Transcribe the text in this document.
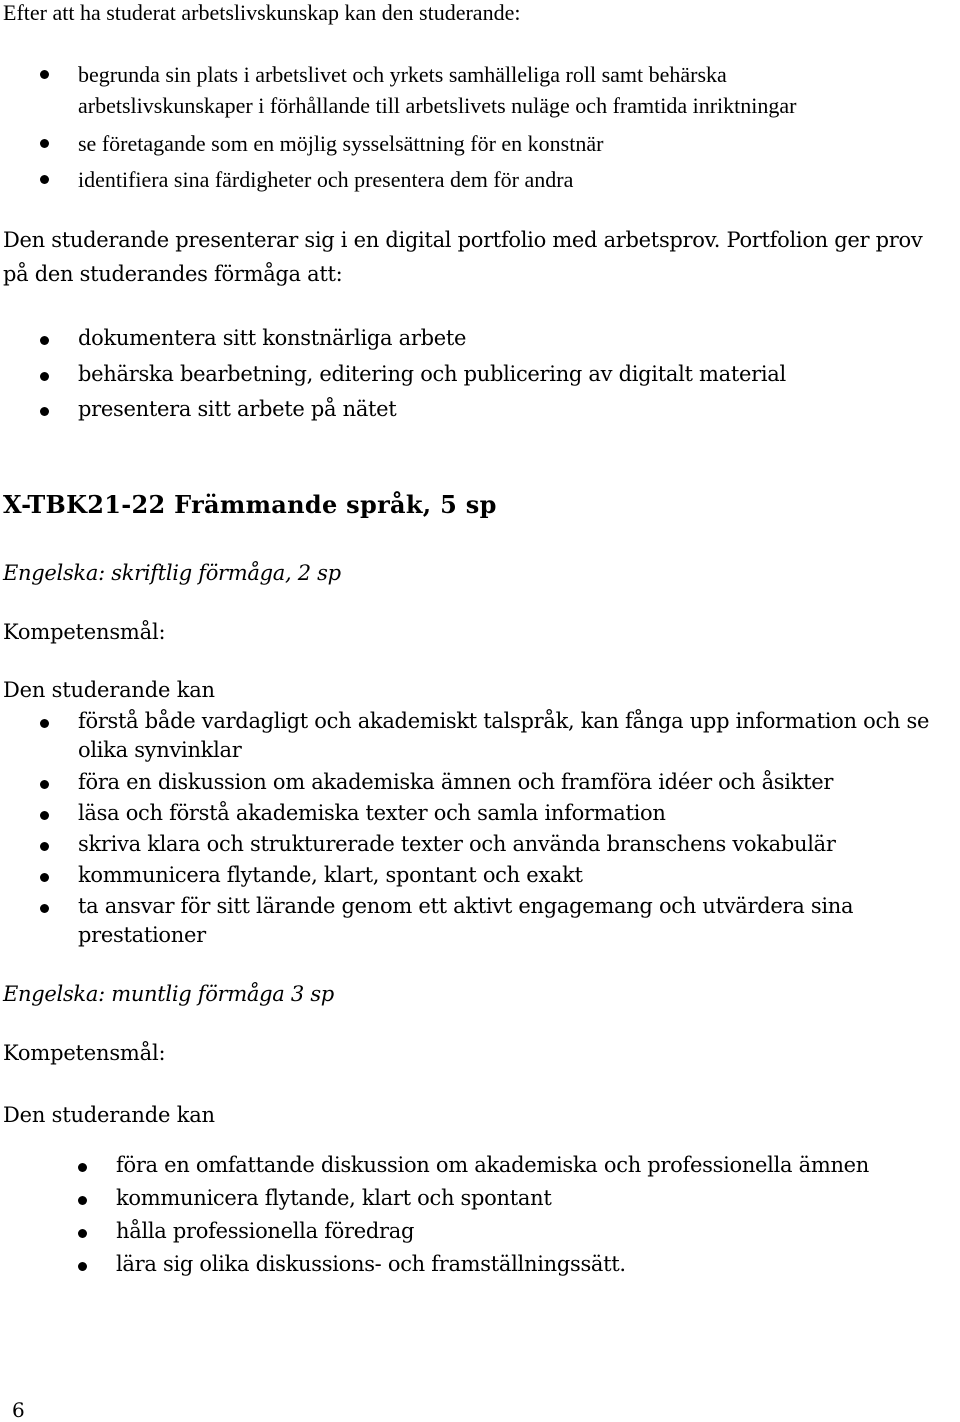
Efter att ha studerat arbetslivskunskap kan den studerande:

begrunda sin plats i arbetslivet och yrkets samhälleliga roll samt behärska

arbetslivskunskaper i förhållande till arbetslivets nuläge och framtida inriktningar

se företagande som en möjlig sysselsättning för en konstnär

identifiera sina färdigheter och presentera dem för andra

Den studerande presenterar sig i en digital portfolio med arbetsprov. Portfolion ger prov

på den studerandes förmåga att:

dokumentera sitt konstnärliga arbete

behärska bearbetning, editering och publicering av digitalt material

presentera sitt arbete på nätet

X-TBK21-22 Främmande språk, 5 sp

Engelska: skriftlig förmåga, 2 sp

Kompetensmål:

Den studerande kan

förstå både vardagligt och akademiskt talspråk, kan fånga upp information och se

olika synvinklar

föra en diskussion om akademiska ämnen och framföra idéer och åsikter

läsa och förstå akademiska texter och samla information

skriva klara och strukturerade texter och använda branschens vokabulär

kommunicera flytande, klart, spontant och exakt

ta ansvar för sitt lärande genom ett aktivt engagemang och utvärdera sina

prestationer

Engelska: muntlig förmåga 3 sp

Kompetensmål:

Den studerande kan

föra en omfattande diskussion om akademiska och professionella ämnen

kommunicera flytande, klart och spontant

hålla professionella föredrag

lära sig olika diskussions- och framställningssätt.

6
